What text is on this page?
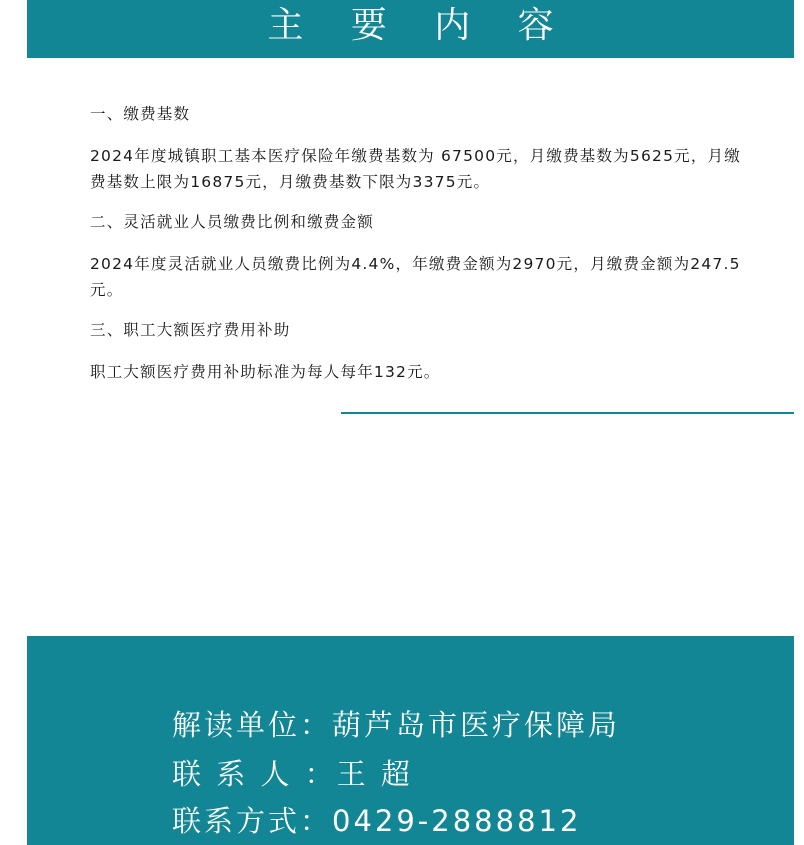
主 要 内 容

一、缴费基数

2024年度城镇职工基本医疗保险年缴费基数为 67500元，月缴费基数为5625元，月缴费基数上限为16875元，月缴费基数下限为3375元。

二、灵活就业人员缴费比例和缴费金额

2024年度灵活就业人员缴费比例为4.4%，年缴费金额为2970元，月缴费金额为247.5元。

三、职工大额医疗费用补助

职工大额医疗费用补助标准为每人每年132元。

解读单位：葫芦岛市医疗保障局
联 系 人 ：王 超
联系方式：0429-2888812
